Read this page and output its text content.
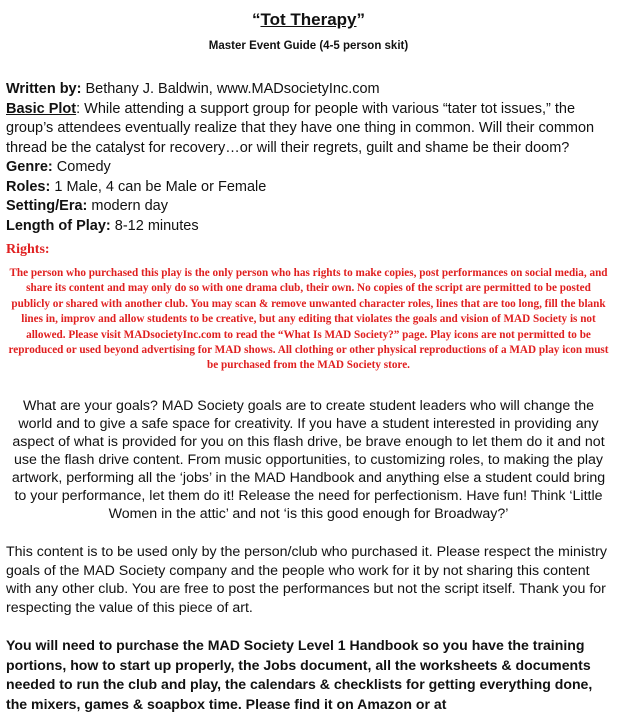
“Tot Therapy”
Master Event Guide (4-5 person skit)

Written by: Bethany J. Baldwin, www.MADsocietyInc.com

Basic Plot: While attending a support group for people with various “tater tot issues,” the group’s attendees eventually realize that they have one thing in common. Will their common thread be the catalyst for recovery…or will their regrets, guilt and shame be their doom?

Genre: Comedy

Roles: 1 Male, 4 can be Male or Female

Setting/Era: modern day

Length of Play: 8-12 minutes

Rights:
The person who purchased this play is the only person who has rights to make copies, post performances on social media, and share its content and may only do so with one drama club, their own. No copies of the script are permitted to be posted publicly or shared with another club. You may scan & remove unwanted character roles, lines that are too long, fill the blank lines in, improv and allow students to be creative, but any editing that violates the goals and vision of MAD Society is not allowed. Please visit MADsocietyInc.com to read the “What Is MAD Society?” page. Play icons are not permitted to be reproduced or used beyond advertising for MAD shows. All clothing or other physical reproductions of a MAD play icon must be purchased from the MAD Society store.
What are your goals? MAD Society goals are to create student leaders who will change the world and to give a safe space for creativity. If you have a student interested in providing any aspect of what is provided for you on this flash drive, be brave enough to let them do it and not use the flash drive content. From music opportunities, to customizing roles, to making the play artwork, performing all the ‘jobs’ in the MAD Handbook and anything else a student could bring to your performance, let them do it! Release the need for perfectionism. Have fun! Think ‘Little Women in the attic’ and not ‘is this good enough for Broadway?’
This content is to be used only by the person/club who purchased it. Please respect the ministry goals of the MAD Society company and the people who work for it by not sharing this content with any other club. You are free to post the performances but not the script itself. Thank you for respecting the value of this piece of art.
You will need to purchase the MAD Society Level 1 Handbook so you have the training portions, how to start up properly, the Jobs document, all the worksheets & documents needed to run the club and play, the calendars & checklists for getting everything done, the mixers, games & soapbox time. Please find it on Amazon or at
